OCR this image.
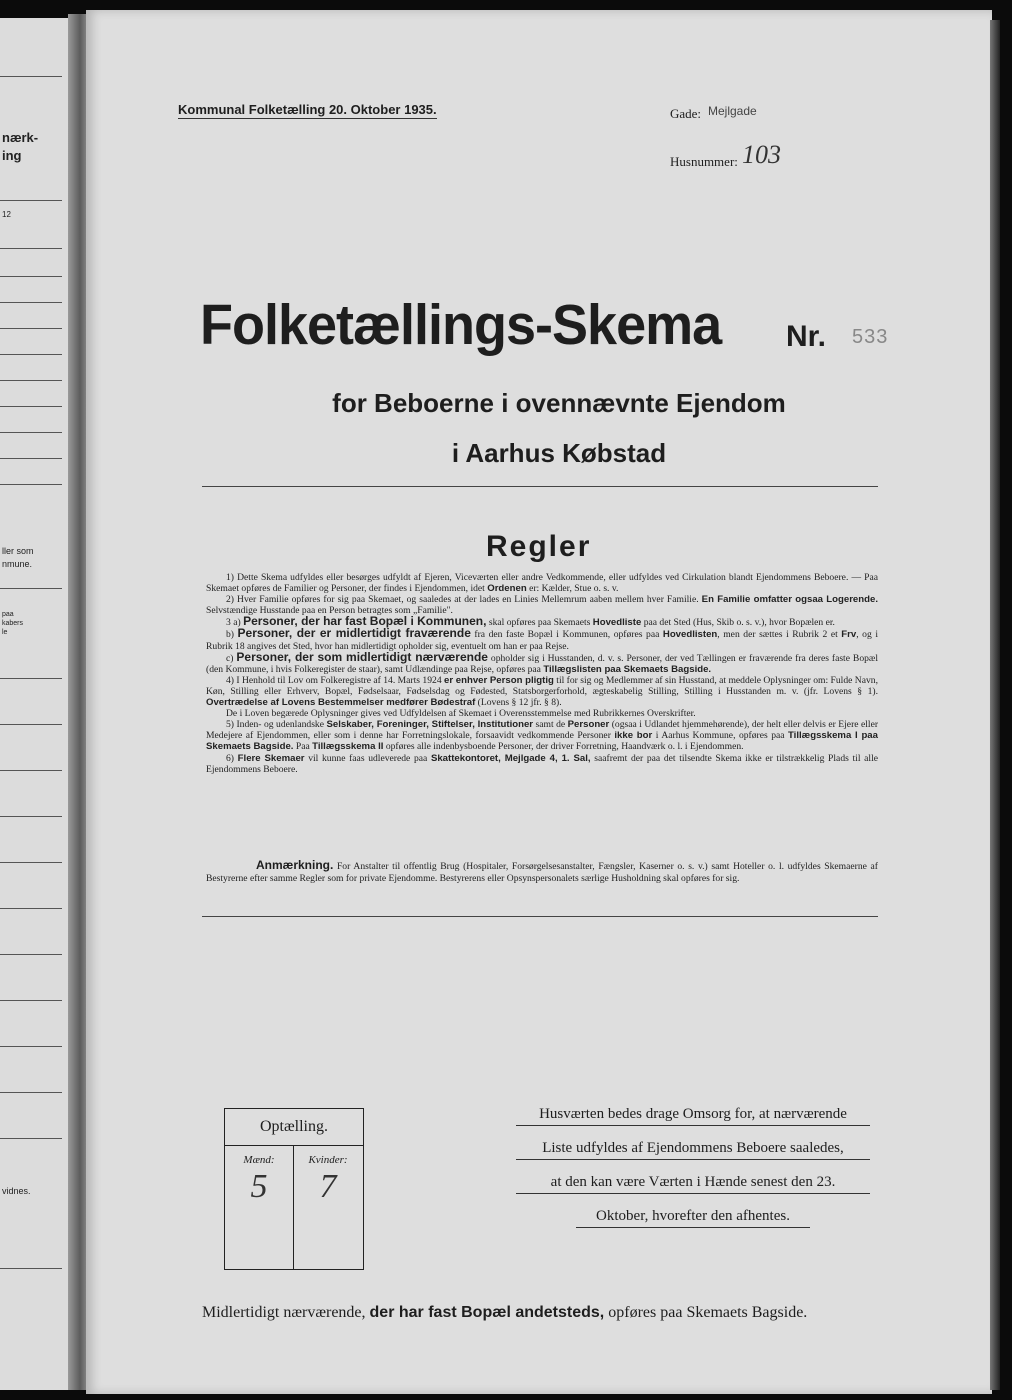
nærk-
ing
12
ller som
nmune.
paa
kabers
le
vidnes.
Kommunal Folketælling 20. Oktober 1935.	Gade: Mejlgade
Husnummer: 103
Folketællings-Skema Nr. 533
for Beboerne i ovennævnte Ejendom
i Aarhus Købstad
Regler

1) Dette Skema udfyldes eller besørges udfyldt af Ejeren, Viceværten eller andre Vedkommende, eller udfyldes ved Cirkulation blandt Ejendommens Beboere. — Paa Skemaet opføres de Familier og Personer, der findes i Ejendommen, idet Ordenen er: Kælder, Stue o. s. v.

2) Hver Familie opføres for sig paa Skemaet, og saaledes at der lades en Linies Mellemrum aaben mellem hver Familie. En Familie omfatter ogsaa Logerende. Selvstændige Husstande paa en Person betragtes som „Familie".

3 a) Personer, der har fast Bopæl i Kommunen, skal opføres paa Skemaets Hovedliste paa det Sted (Hus, Skib o. s. v.), hvor Bopælen er.

b) Personer, der er midlertidigt fraværende fra den faste Bopæl i Kommunen, opføres paa Hovedlisten, men der sættes i Rubrik 2 et Frv, og i Rubrik 18 angives det Sted, hvor han midlertidigt opholder sig, eventuelt om han er paa Rejse.

c) Personer, der som midlertidigt nærværende opholder sig i Husstanden, d. v. s. Personer, der ved Tællingen er fraværende fra deres faste Bopæl (den Kommune, i hvis Folkeregister de staar), samt Udlændinge paa Rejse, opføres paa Tillægslisten paa Skemaets Bagside.

4) I Henhold til Lov om Folkeregistre af 14. Marts 1924 er enhver Person pligtig til for sig og Medlemmer af sin Husstand, at meddele Oplysninger om: Fulde Navn, Køn, Stilling eller Erhverv, Bopæl, Fødselsaar, Fødselsdag og Fødested, Statsborgerforhold, ægteskabelig Stilling, Stilling i Husstanden m. v. (jfr. Lovens § 1). Overtrædelse af Lovens Bestemmelser medfører Bødestraf (Lovens § 12 jfr. § 8).

De i Loven begærede Oplysninger gives ved Udfyldelsen af Skemaet i Overensstemmelse med Rubrikkernes Overskrifter.

5) Inden- og udenlandske Selskaber, Foreninger, Stiftelser, Institutioner samt de Personer (ogsaa i Udlandet hjemmehørende), der helt eller delvis er Ejere eller Medejere af Ejendommen, eller som i denne har Forretningslokale, forsaavidt vedkommende Personer ikke bor i Aarhus Kommune, opføres paa Tillægsskema I paa Skemaets Bagside. Paa Tillægsskema II opføres alle indenbysboende Personer, der driver Forretning, Haandværk o. l. i Ejendommen.

6) Flere Skemaer vil kunne faas udleverede paa Skattekontoret, Mejlgade 4, 1. Sal, saafremt der paa det tilsendte Skema ikke er tilstrækkelig Plads til alle Ejendommens Beboere.

Anmærkning. For Anstalter til offentlig Brug (Hospitaler, Forsørgelsesanstalter, Fængsler, Kaserner o. s. v.) samt Hoteller o. l. udfyldes Skemaerne af Bestyrerne efter samme Regler som for private Ejendomme. Bestyrerens eller Opsynspersonalets særlige Husholdning skal opføres for sig.
Optælling.
Mænd:
5
Kvinder:
7
Husværten bedes drage Omsorg for, at nærværende
Liste udfyldes af Ejendommens Beboere saaledes,
at den kan være Værten i Hænde senest den 23.
Oktober, hvorefter den afhentes.
Midlertidigt nærværende, der har fast Bopæl andetsteds, opføres paa Skemaets Bagside.
